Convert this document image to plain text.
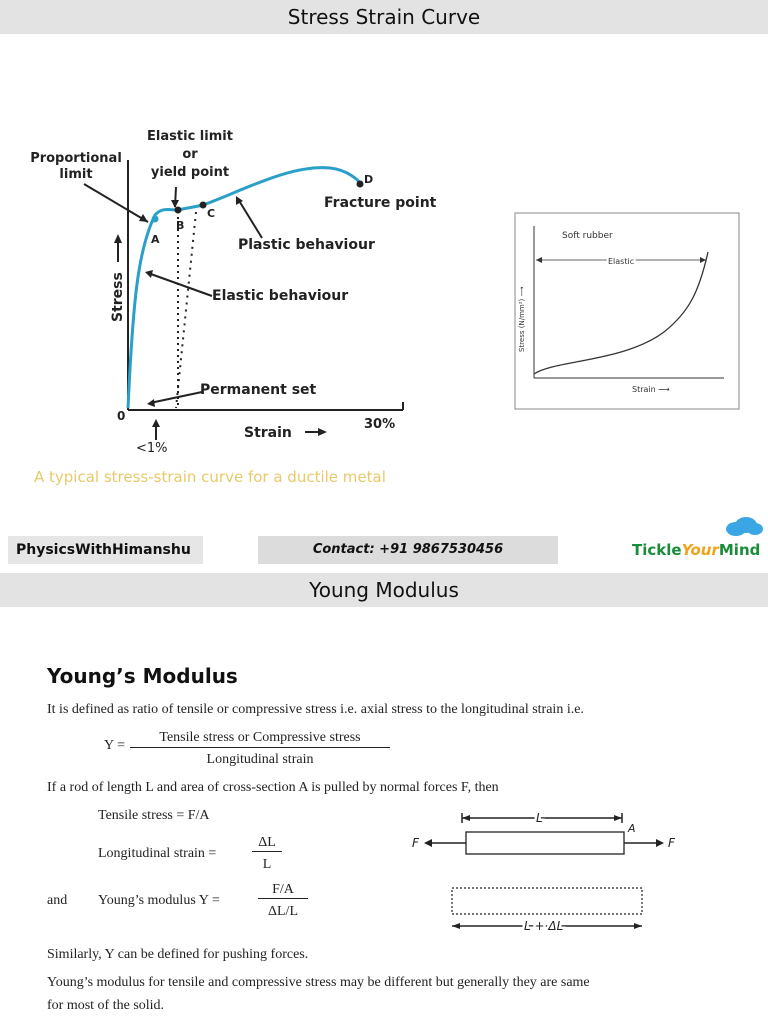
Stress Strain Curve
Proportional
limit
Elastic limit
or
yield point
A
B
C
D
Fracture point
Plastic behaviour
Elastic behaviour
Permanent set
Stress
Strain
0
30%
<1%
A typical stress-strain curve for a ductile metal
Soft rubber
Elastic
Stress (N/mm²) ⟶
Strain ⟶
PhysicsWithHimanshu	Contact: +91 9867530456	TickleYourMind
Young Modulus
Young’s Modulus
It is defined as ratio of tensile or compressive stress i.e. axial stress to the longitudinal strain i.e.
Y =
Tensile stress or Compressive stress
Longitudinal strain
If a rod of length L and area of cross-section A is pulled by normal forces F, then
Tensile stress = F/A
Longitudinal strain =
ΔL
L
and Young’s modulus Y =
F/A
ΔL/L
L
F	F
A
L + ΔL
Similarly, Y can be defined for pushing forces.
Young’s modulus for tensile and compressive stress may be different but generally they are same
for most of the solid.
